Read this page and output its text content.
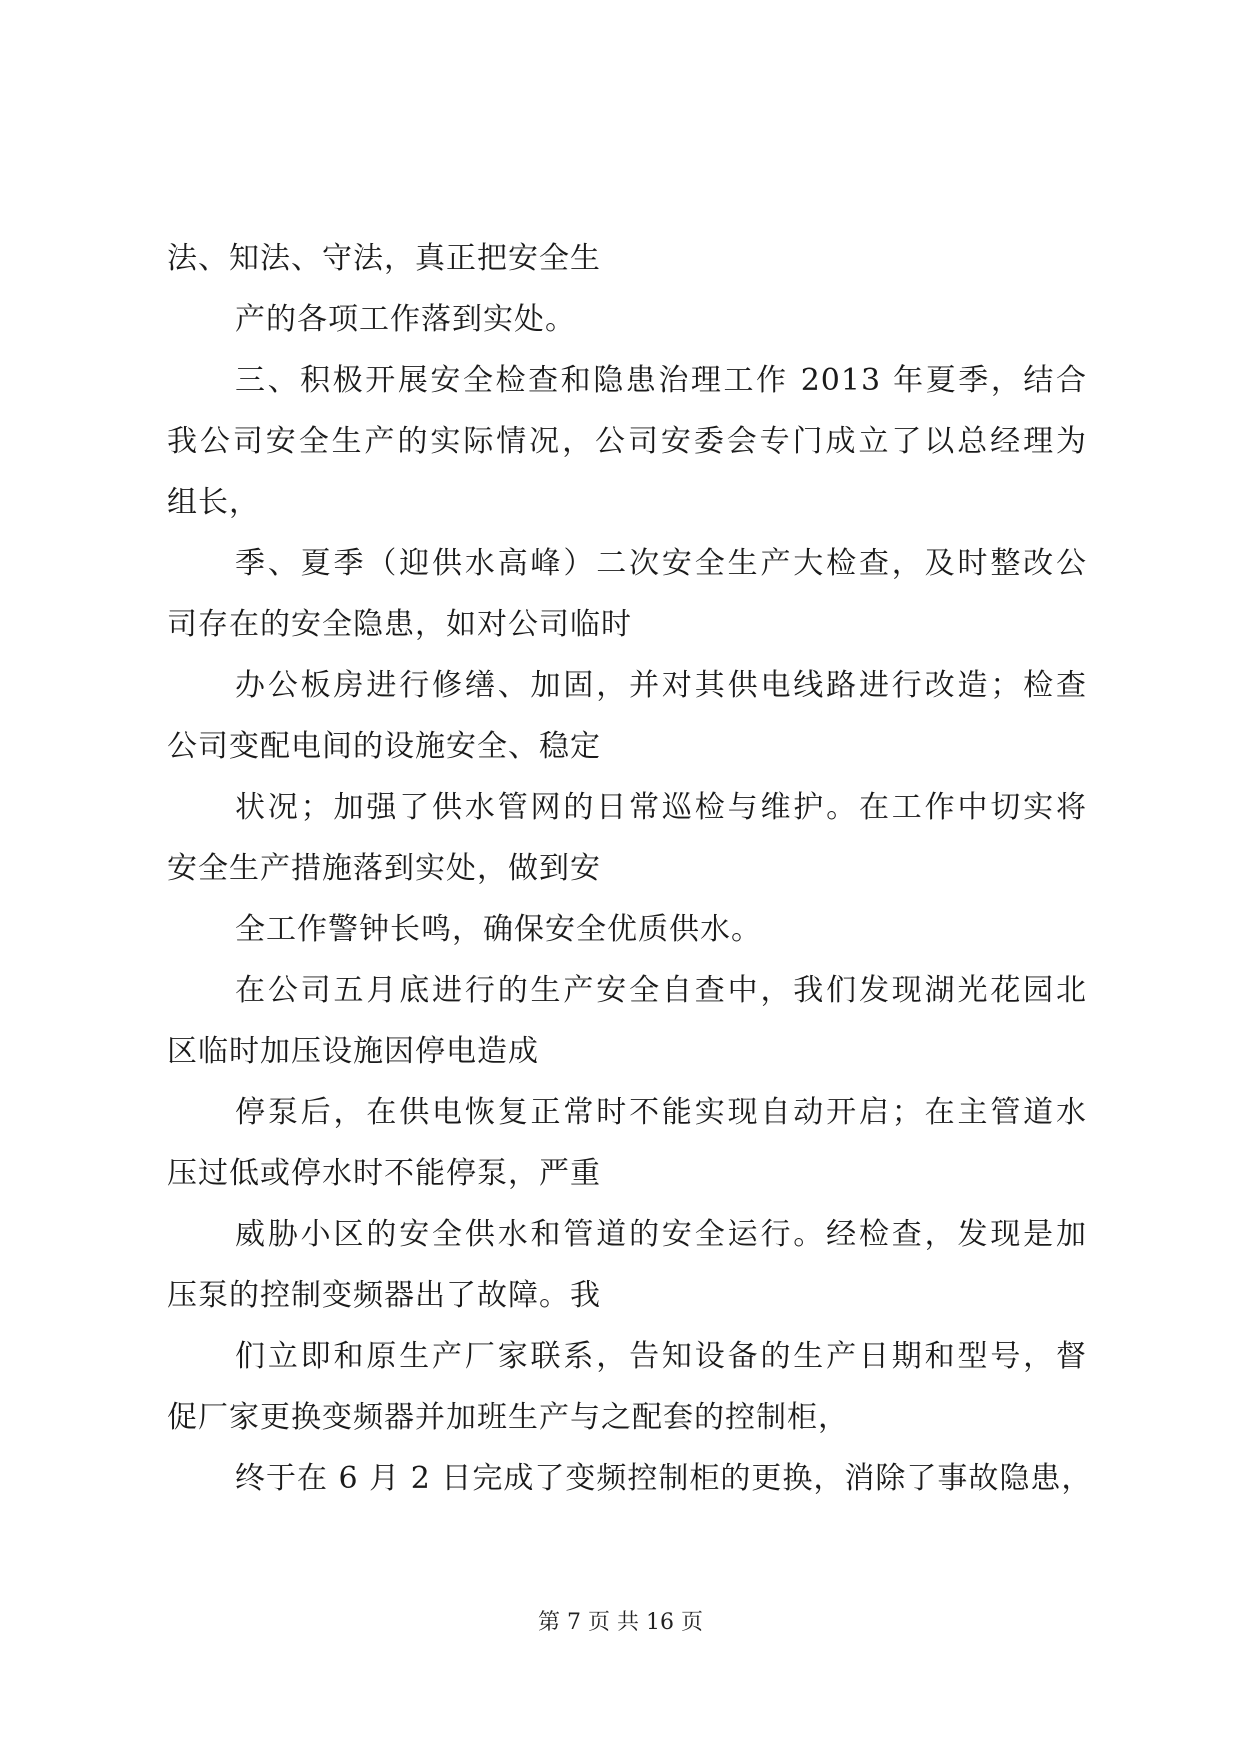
法、知法、守法，真正把安全生
产的各项工作落到实处。
三、积极开展安全检查和隐患治理工作 2013 年夏季，结合
我公司安全生产的实际情况，公司安委会专门成立了以总经理为
组长，
季、夏季（迎供水高峰）二次安全生产大检查，及时整改公
司存在的安全隐患，如对公司临时
办公板房进行修缮、加固，并对其供电线路进行改造；检查
公司变配电间的设施安全、稳定
状况；加强了供水管网的日常巡检与维护。在工作中切实将
安全生产措施落到实处，做到安
全工作警钟长鸣，确保安全优质供水。
在公司五月底进行的生产安全自查中，我们发现湖光花园北
区临时加压设施因停电造成
停泵后，在供电恢复正常时不能实现自动开启；在主管道水
压过低或停水时不能停泵，严重
威胁小区的安全供水和管道的安全运行。经检查，发现是加
压泵的控制变频器出了故障。我
们立即和原生产厂家联系，告知设备的生产日期和型号，督
促厂家更换变频器并加班生产与之配套的控制柜，
终于在 6 月 2 日完成了变频控制柜的更换，消除了事故隐患，
第 7 页 共 16 页
